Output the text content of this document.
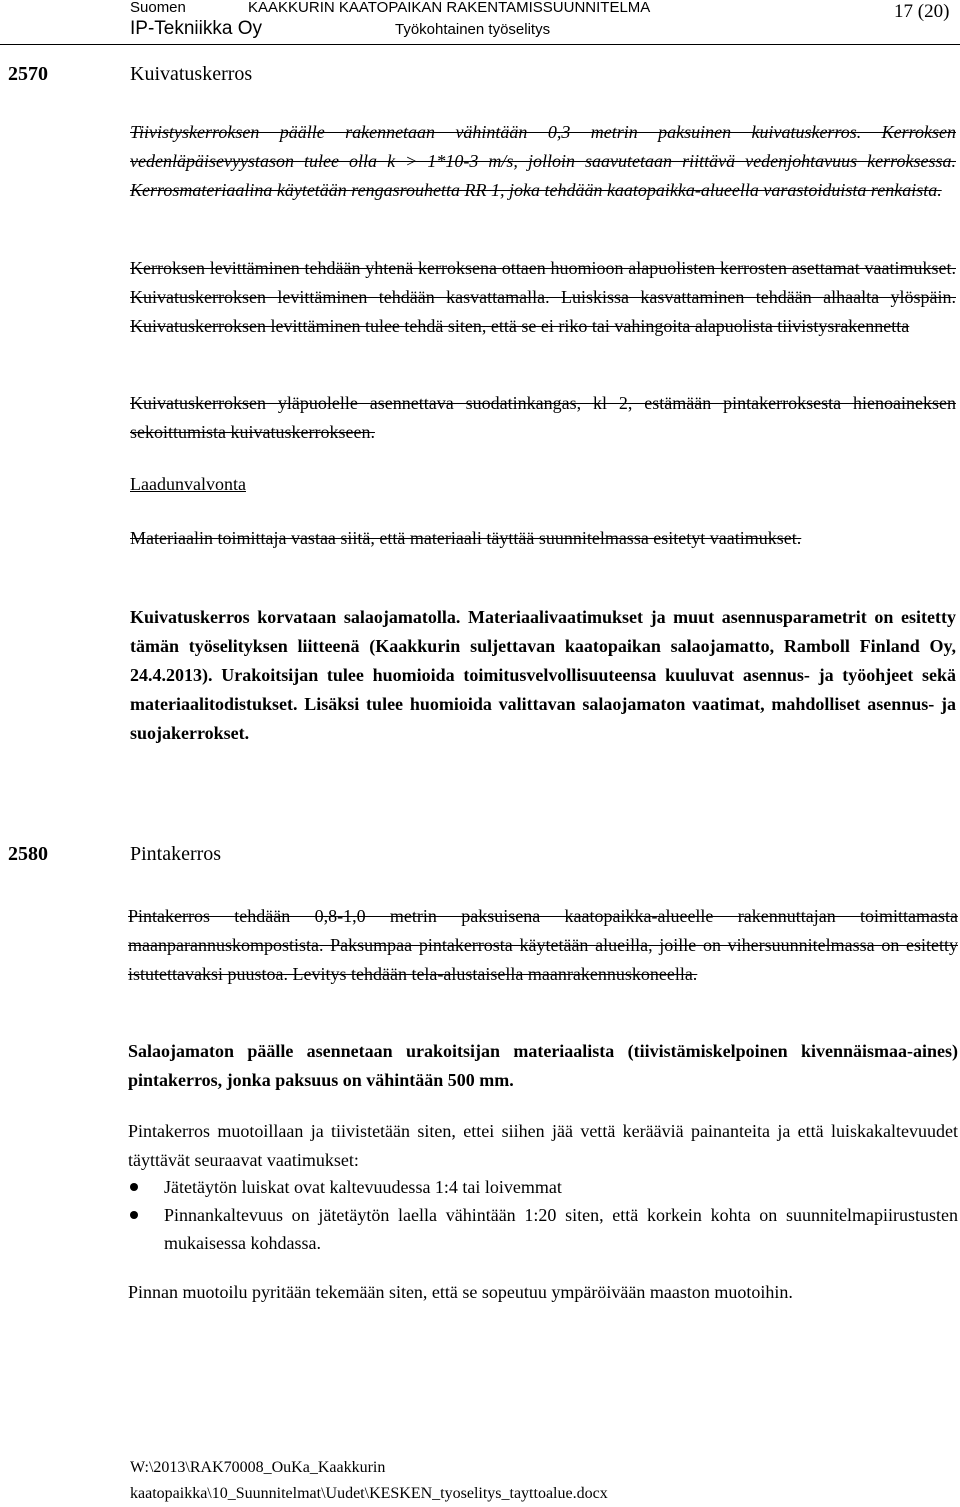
Suomen
IP-Tekniikka Oy
KAAKKURIN KAATOPAIKAN RAKENTAMISSUUNNITELMA
Työkohtainen työselitys
17 (20)
2570	Kuivatuskerros

Tiivistyskerroksen päälle rakennetaan vähintään 0,3 metrin paksuinen kuivatuskerros. Kerroksen vedenläpäisevyystason tulee olla k > 1*10-3 m/s, jolloin saavutetaan riittävä vedenjohtavuus kerroksessa. Kerrosmateriaalina käytetään rengasrouhetta RR 1, joka tehdään kaatopaikka-alueella varastoiduista renkaista.

Kerroksen levittäminen tehdään yhtenä kerroksena ottaen huomioon alapuolisten kerrosten asettamat vaatimukset. Kuivatuskerroksen levittäminen tehdään kasvattamalla. Luiskissa kasvattaminen tehdään alhaalta ylöspäin. Kuivatuskerroksen levittäminen tulee tehdä siten, että se ei riko tai vahingoita alapuolista tiivistysrakennetta

Kuivatuskerroksen yläpuolelle asennettava suodatinkangas, kl 2, estämään pintakerroksesta hienoaineksen sekoittumista kuivatuskerrokseen.

Laadunvalvonta

Materiaalin toimittaja vastaa siitä, että materiaali täyttää suunnitelmassa esitetyt vaatimukset.

Kuivatuskerros korvataan salaojamatolla. Materiaalivaatimukset ja muut asennusparametrit on esitetty tämän työselityksen liitteenä (Kaakkurin suljettavan kaatopaikan salaojamatto, Ramboll Finland Oy, 24.4.2013). Urakoitsijan tulee huomioida toimitusvelvollisuuteensa kuuluvat asennus- ja työohjeet sekä materiaalitodistukset. Lisäksi tulee huomioida valittavan salaojamaton vaatimat, mahdolliset asennus- ja suojakerrokset.

2580	Pintakerros

Pintakerros tehdään 0,8-1,0 metrin paksuisena kaatopaikka-alueelle rakennuttajan toimittamasta maanparannuskompostista. Paksumpaa pintakerrosta käytetään alueilla, joille on vihersuunnitelmassa on esitetty istutettavaksi puustoa. Levitys tehdään tela-alustaisella maanrakennuskoneella.

Salaojamaton päälle asennetaan urakoitsijan materiaalista (tiivistämiskelpoinen kivennäismaa-aines) pintakerros, jonka paksuus on vähintään 500 mm.

Pintakerros muotoillaan ja tiivistetään siten, ettei siihen jää vettä kerääviä painanteita ja että luiskakaltevuudet täyttävät seuraavat vaatimukset:

Jätetäytön luiskat ovat kaltevuudessa 1:4 tai loivemmat
Pinnankaltevuus on jätetäytön laella vähintään 1:20 siten, että korkein kohta on suunnitelmapiirustusten mukaisessa kohdassa.

Pinnan muotoilu pyritään tekemään siten, että se sopeutuu ympäröivään maaston muotoihin.

W:\2013\RAK70008_OuKa_Kaakkurin
kaatopaikka\10_Suunnitelmat\Uudet\KESKEN_tyoselitys_tayttoalue.docx
